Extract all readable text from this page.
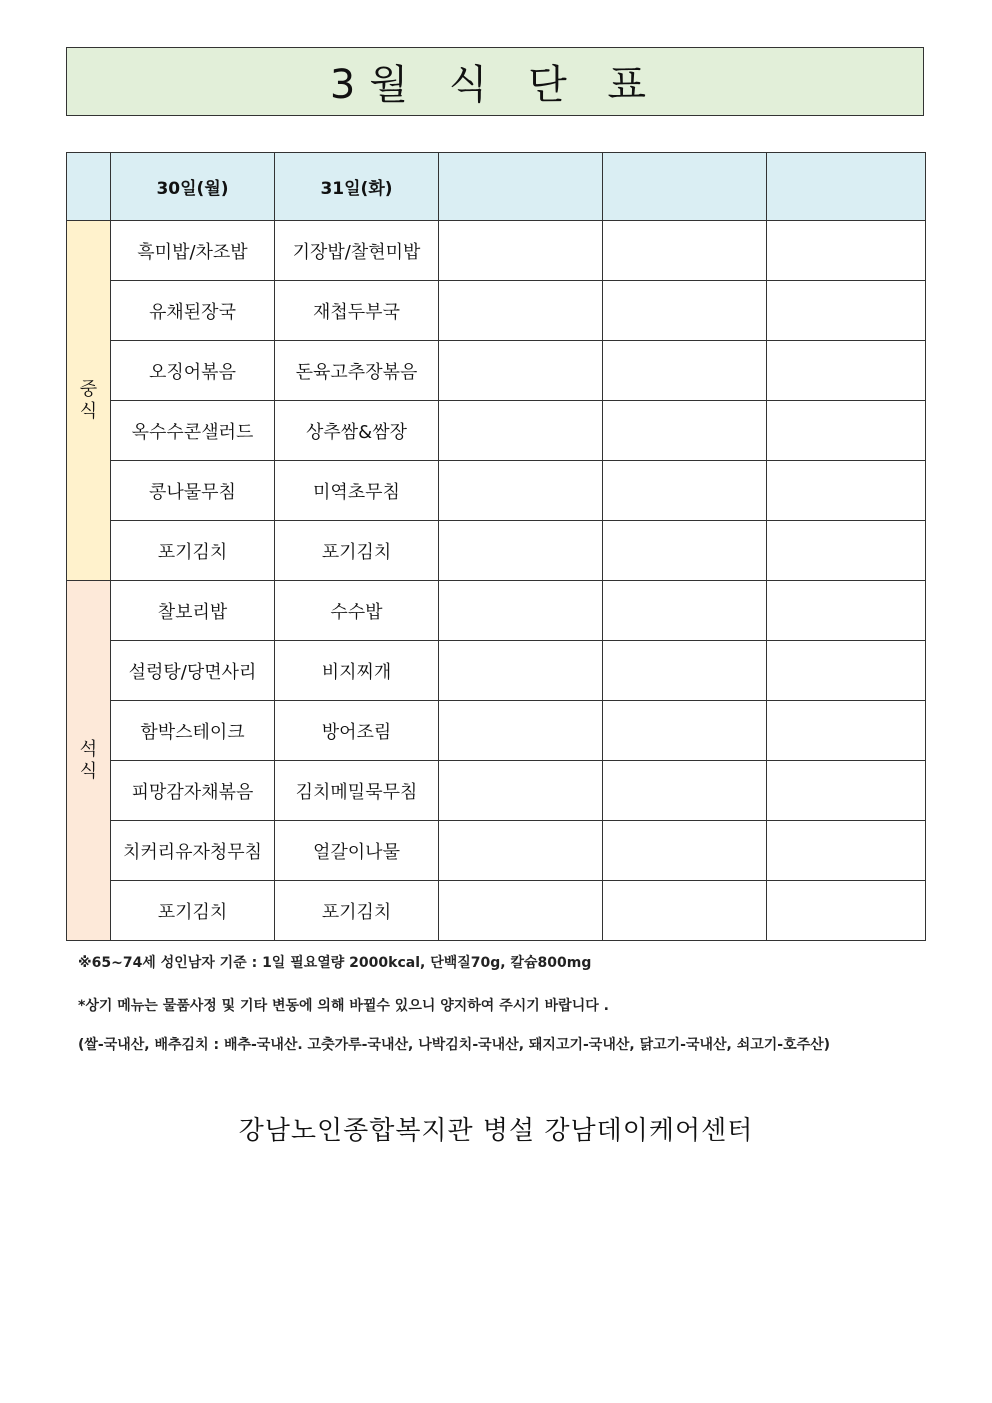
3월 식 단 표
	30일(월)	31일(화)			
중식	흑미밥/차조밥	기장밥/찰현미밥			
	유채된장국	재첩두부국			
	오징어볶음	돈육고추장볶음			
	옥수수콘샐러드	상추쌈&쌈장			
	콩나물무침	미역초무침			
	포기김치	포기김치			
석식	찰보리밥	수수밥			
	설렁탕/당면사리	비지찌개			
	함박스테이크	방어조림			
	피망감자채볶음	김치메밀묵무침			
	치커리유자청무침	얼갈이나물			
	포기김치	포기김치			
※65~74세 성인남자 기준 : 1일 필요열량 2000kcal, 단백질70g, 칼슘800mg
*상기 메뉴는 물품사정 및 기타 변동에 의해 바뀔수 있으니 양지하여 주시기 바랍니다 .
(쌀-국내산, 배추김치 : 배추-국내산. 고춧가루-국내산, 나박김치-국내산, 돼지고기-국내산, 닭고기-국내산, 쇠고기-호주산)
강남노인종합복지관 병설 강남데이케어센터
